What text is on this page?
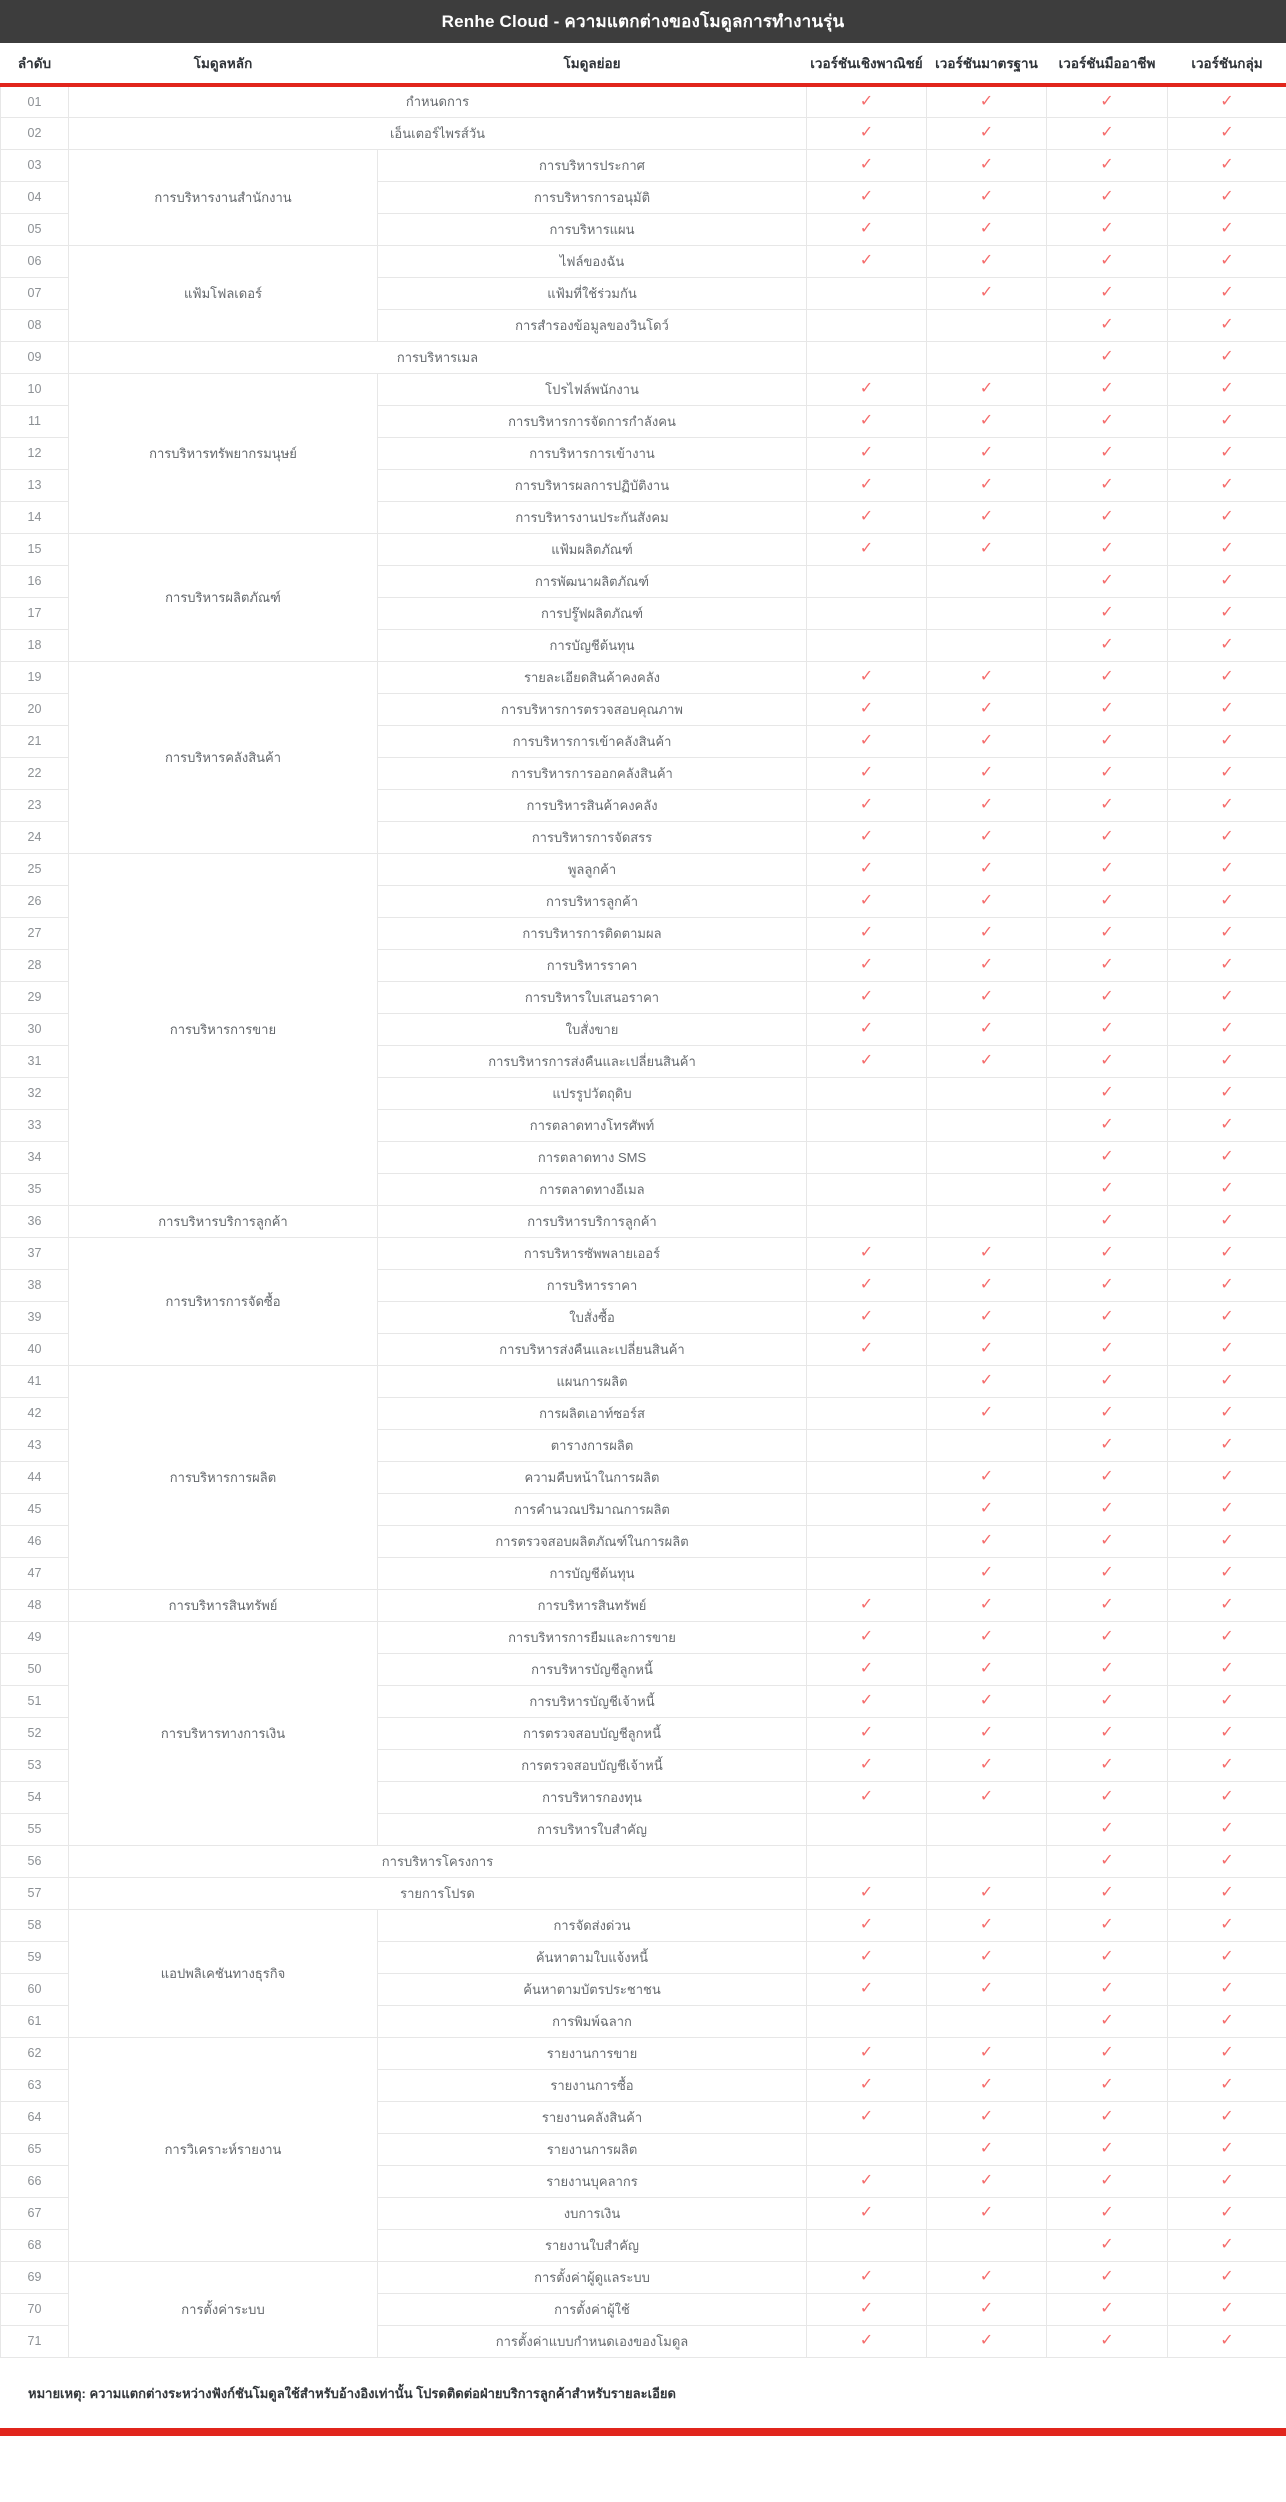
Renhe Cloud - ความแตกต่างของโมดูลการทำงานรุ่น
ลำดับ	โมดูลหลัก	โมดูลย่อย	เวอร์ชันเชิงพาณิชย์	เวอร์ชันมาตรฐาน	เวอร์ชันมืออาชีพ	เวอร์ชันกลุ่ม
01	กำหนดการ		✓	✓	✓	✓
02	เอ็นเตอร์ไพรส์วัน		✓	✓	✓	✓
03	การบริหารงานสำนักงาน	การบริหารประกาศ	✓	✓	✓	✓
04		การบริหารการอนุมัติ	✓	✓	✓	✓
05		การบริหารแผน	✓	✓	✓	✓
06	แฟ้มโฟลเดอร์	ไฟล์ของฉัน	✓	✓	✓	✓
07		แฟ้มที่ใช้ร่วมกัน		✓	✓	✓
08		การสำรองข้อมูลของวินโดว์			✓	✓
09	การบริหารเมล				✓	✓
10	การบริหารทรัพยากรมนุษย์	โปรไฟล์พนักงาน	✓	✓	✓	✓
11		การบริหารการจัดการกำลังคน	✓	✓	✓	✓
12		การบริหารการเข้างาน	✓	✓	✓	✓
13		การบริหารผลการปฏิบัติงาน	✓	✓	✓	✓
14		การบริหารงานประกันสังคม	✓	✓	✓	✓
15	การบริหารผลิตภัณฑ์	แฟ้มผลิตภัณฑ์	✓	✓	✓	✓
16		การพัฒนาผลิตภัณฑ์			✓	✓
17		การปรู๊ฟผลิตภัณฑ์			✓	✓
18		การบัญชีต้นทุน			✓	✓
19	การบริหารคลังสินค้า	รายละเอียดสินค้าคงคลัง	✓	✓	✓	✓
20		การบริหารการตรวจสอบคุณภาพ	✓	✓	✓	✓
21		การบริหารการเข้าคลังสินค้า	✓	✓	✓	✓
22		การบริหารการออกคลังสินค้า	✓	✓	✓	✓
23		การบริหารสินค้าคงคลัง	✓	✓	✓	✓
24		การบริหารการจัดสรร	✓	✓	✓	✓
25	การบริหารการขาย	พูลลูกค้า	✓	✓	✓	✓
26		การบริหารลูกค้า	✓	✓	✓	✓
27		การบริหารการติดตามผล	✓	✓	✓	✓
28		การบริหารราคา	✓	✓	✓	✓
29		การบริหารใบเสนอราคา	✓	✓	✓	✓
30		ใบสั่งขาย	✓	✓	✓	✓
31		การบริหารการส่งคืนและเปลี่ยนสินค้า	✓	✓	✓	✓
32		แปรรูปวัตถุดิบ			✓	✓
33		การตลาดทางโทรศัพท์			✓	✓
34		การตลาดทาง SMS			✓	✓
35		การตลาดทางอีเมล			✓	✓
36	การบริหารบริการลูกค้า	การบริหารบริการลูกค้า			✓	✓
37	การบริหารการจัดซื้อ	การบริหารซัพพลายเออร์	✓	✓	✓	✓
38		การบริหารราคา	✓	✓	✓	✓
39		ใบสั่งซื้อ	✓	✓	✓	✓
40		การบริหารส่งคืนและเปลี่ยนสินค้า	✓	✓	✓	✓
41	การบริหารการผลิต	แผนการผลิต		✓	✓	✓
42		การผลิตเอาท์ซอร์ส		✓	✓	✓
43		ตารางการผลิต			✓	✓
44		ความคืบหน้าในการผลิต		✓	✓	✓
45		การคำนวณปริมาณการผลิต		✓	✓	✓
46		การตรวจสอบผลิตภัณฑ์ในการผลิต		✓	✓	✓
47		การบัญชีต้นทุน		✓	✓	✓
48	การบริหารสินทรัพย์	การบริหารสินทรัพย์	✓	✓	✓	✓
49	การบริหารทางการเงิน	การบริหารการยืมและการขาย	✓	✓	✓	✓
50		การบริหารบัญชีลูกหนี้	✓	✓	✓	✓
51		การบริหารบัญชีเจ้าหนี้	✓	✓	✓	✓
52		การตรวจสอบบัญชีลูกหนี้	✓	✓	✓	✓
53		การตรวจสอบบัญชีเจ้าหนี้	✓	✓	✓	✓
54		การบริหารกองทุน	✓	✓	✓	✓
55		การบริหารใบสำคัญ			✓	✓
56	การบริหารโครงการ				✓	✓
57	รายการโปรด		✓	✓	✓	✓
58	แอปพลิเคชันทางธุรกิจ	การจัดส่งด่วน	✓	✓	✓	✓
59		ค้นหาตามใบแจ้งหนี้	✓	✓	✓	✓
60		ค้นหาตามบัตรประชาชน	✓	✓	✓	✓
61		การพิมพ์ฉลาก			✓	✓
62	การวิเคราะห์รายงาน	รายงานการขาย	✓	✓	✓	✓
63		รายงานการซื้อ	✓	✓	✓	✓
64		รายงานคลังสินค้า	✓	✓	✓	✓
65		รายงานการผลิต		✓	✓	✓
66		รายงานบุคลากร	✓	✓	✓	✓
67		งบการเงิน	✓	✓	✓	✓
68		รายงานใบสำคัญ			✓	✓
69	การตั้งค่าระบบ	การตั้งค่าผู้ดูแลระบบ	✓	✓	✓	✓
70		การตั้งค่าผู้ใช้	✓	✓	✓	✓
71		การตั้งค่าแบบกำหนดเองของโมดูล	✓	✓	✓	✓
หมายเหตุ: ความแตกต่างระหว่างฟังก์ชันโมดูลใช้สำหรับอ้างอิงเท่านั้น โปรดติดต่อฝ่ายบริการลูกค้าสำหรับรายละเอียด
